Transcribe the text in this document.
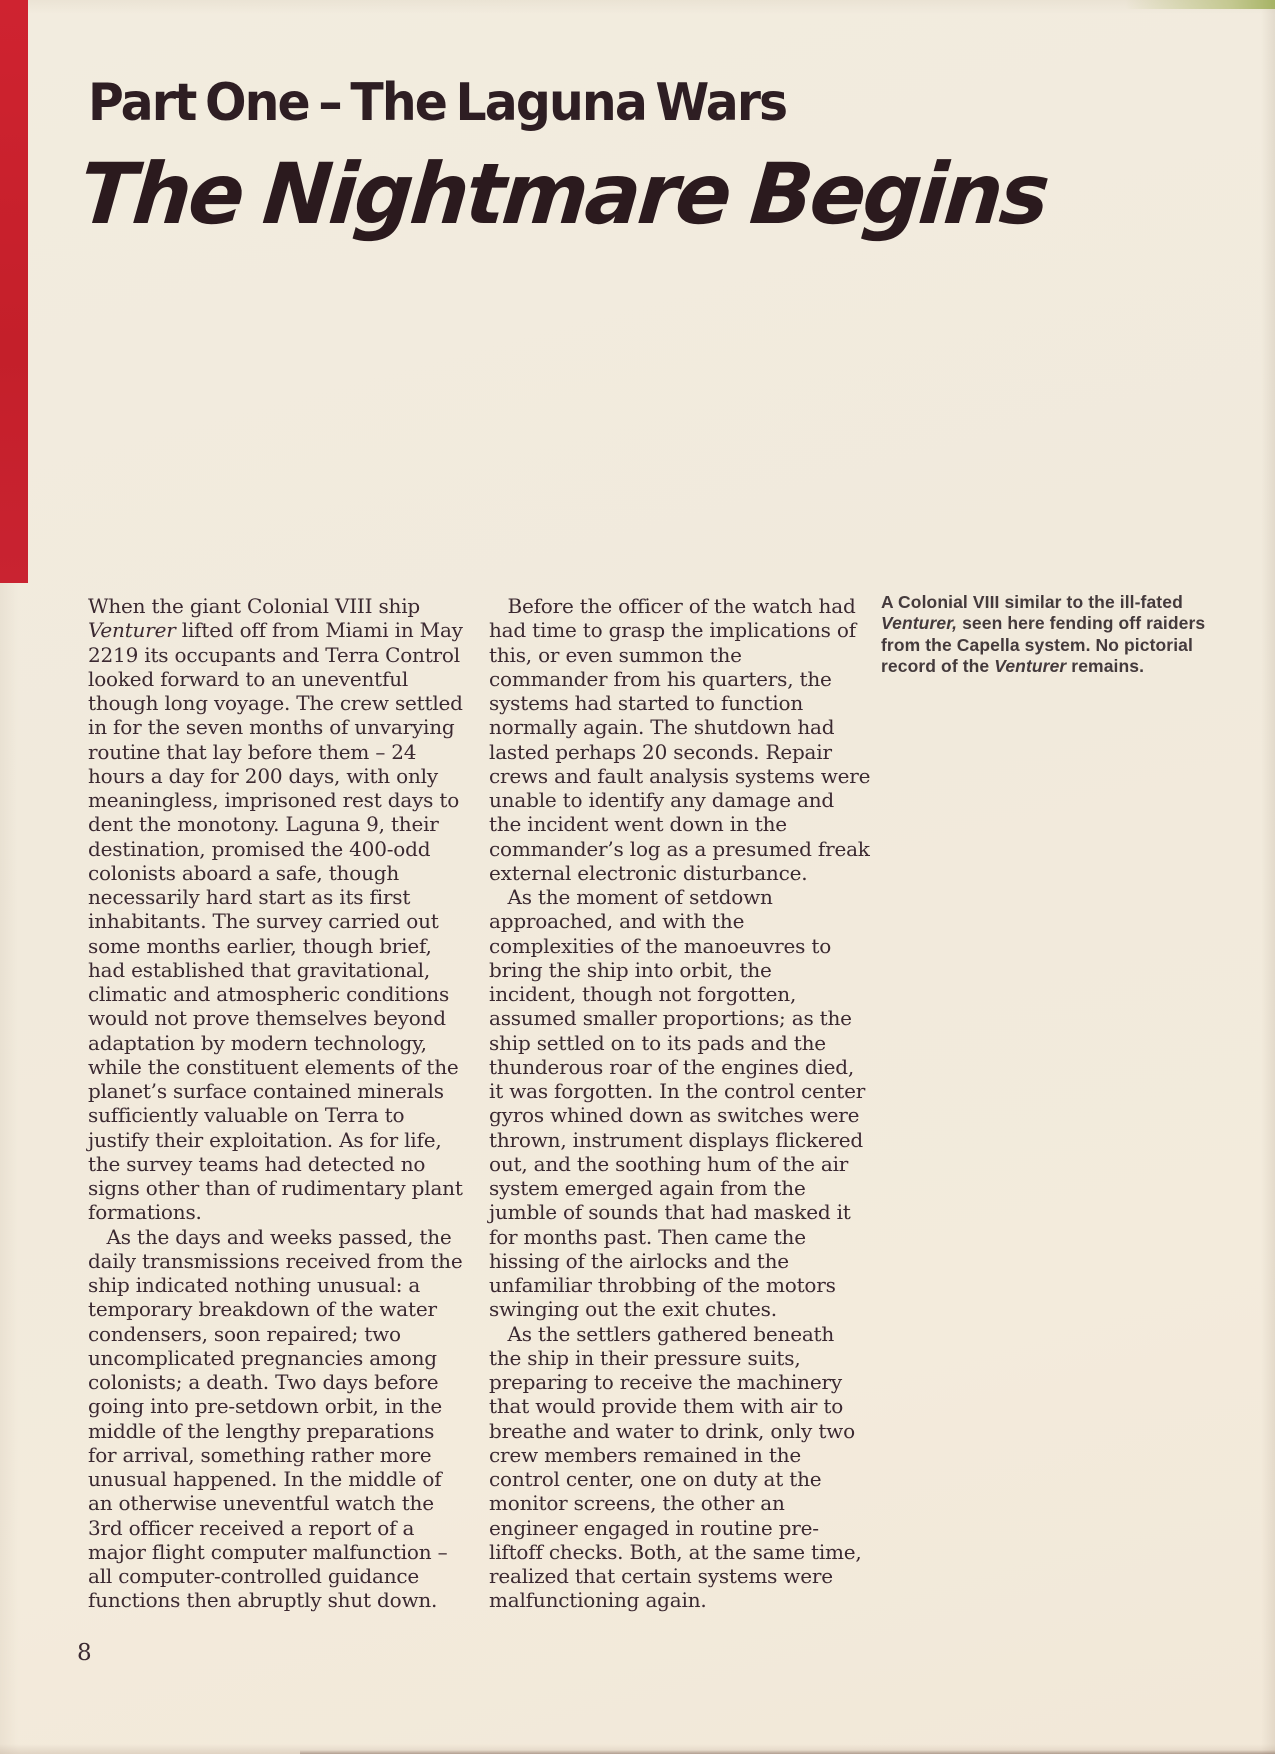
Part One – The Laguna Wars
The Nightmare Begins
When the giant Colonial VIII ship
Venturer lifted off from Miami in May
2219 its occupants and Terra Control
looked forward to an uneventful
though long voyage. The crew settled
in for the seven months of unvarying
routine that lay before them – 24
hours a day for 200 days, with only
meaningless, imprisoned rest days to
dent the monotony. Laguna 9, their
destination, promised the 400-odd
colonists aboard a safe, though
necessarily hard start as its first
inhabitants. The survey carried out
some months earlier, though brief,
had established that gravitational,
climatic and atmospheric conditions
would not prove themselves beyond
adaptation by modern technology,
while the constituent elements of the
planet’s surface contained minerals
sufficiently valuable on Terra to
justify their exploitation. As for life,
the survey teams had detected no
signs other than of rudimentary plant
formations.
As the days and weeks passed, the
daily transmissions received from the
ship indicated nothing unusual: a
temporary breakdown of the water
condensers, soon repaired; two
uncomplicated pregnancies among
colonists; a death. Two days before
going into pre-setdown orbit, in the
middle of the lengthy preparations
for arrival, something rather more
unusual happened. In the middle of
an otherwise uneventful watch the
3rd officer received a report of a
major flight computer malfunction –
all computer-controlled guidance
functions then abruptly shut down.
Before the officer of the watch had
had time to grasp the implications of
this, or even summon the
commander from his quarters, the
systems had started to function
normally again. The shutdown had
lasted perhaps 20 seconds. Repair
crews and fault analysis systems were
unable to identify any damage and
the incident went down in the
commander’s log as a presumed freak
external electronic disturbance.
As the moment of setdown
approached, and with the
complexities of the manoeuvres to
bring the ship into orbit, the
incident, though not forgotten,
assumed smaller proportions; as the
ship settled on to its pads and the
thunderous roar of the engines died,
it was forgotten. In the control center
gyros whined down as switches were
thrown, instrument displays flickered
out, and the soothing hum of the air
system emerged again from the
jumble of sounds that had masked it
for months past. Then came the
hissing of the airlocks and the
unfamiliar throbbing of the motors
swinging out the exit chutes.
As the settlers gathered beneath
the ship in their pressure suits,
preparing to receive the machinery
that would provide them with air to
breathe and water to drink, only two
crew members remained in the
control center, one on duty at the
monitor screens, the other an
engineer engaged in routine pre-
liftoff checks. Both, at the same time,
realized that certain systems were
malfunctioning again.
A Colonial VIII similar to the ill-fated
Venturer, seen here fending off raiders
from the Capella system. No pictorial
record of the Venturer remains.
8
